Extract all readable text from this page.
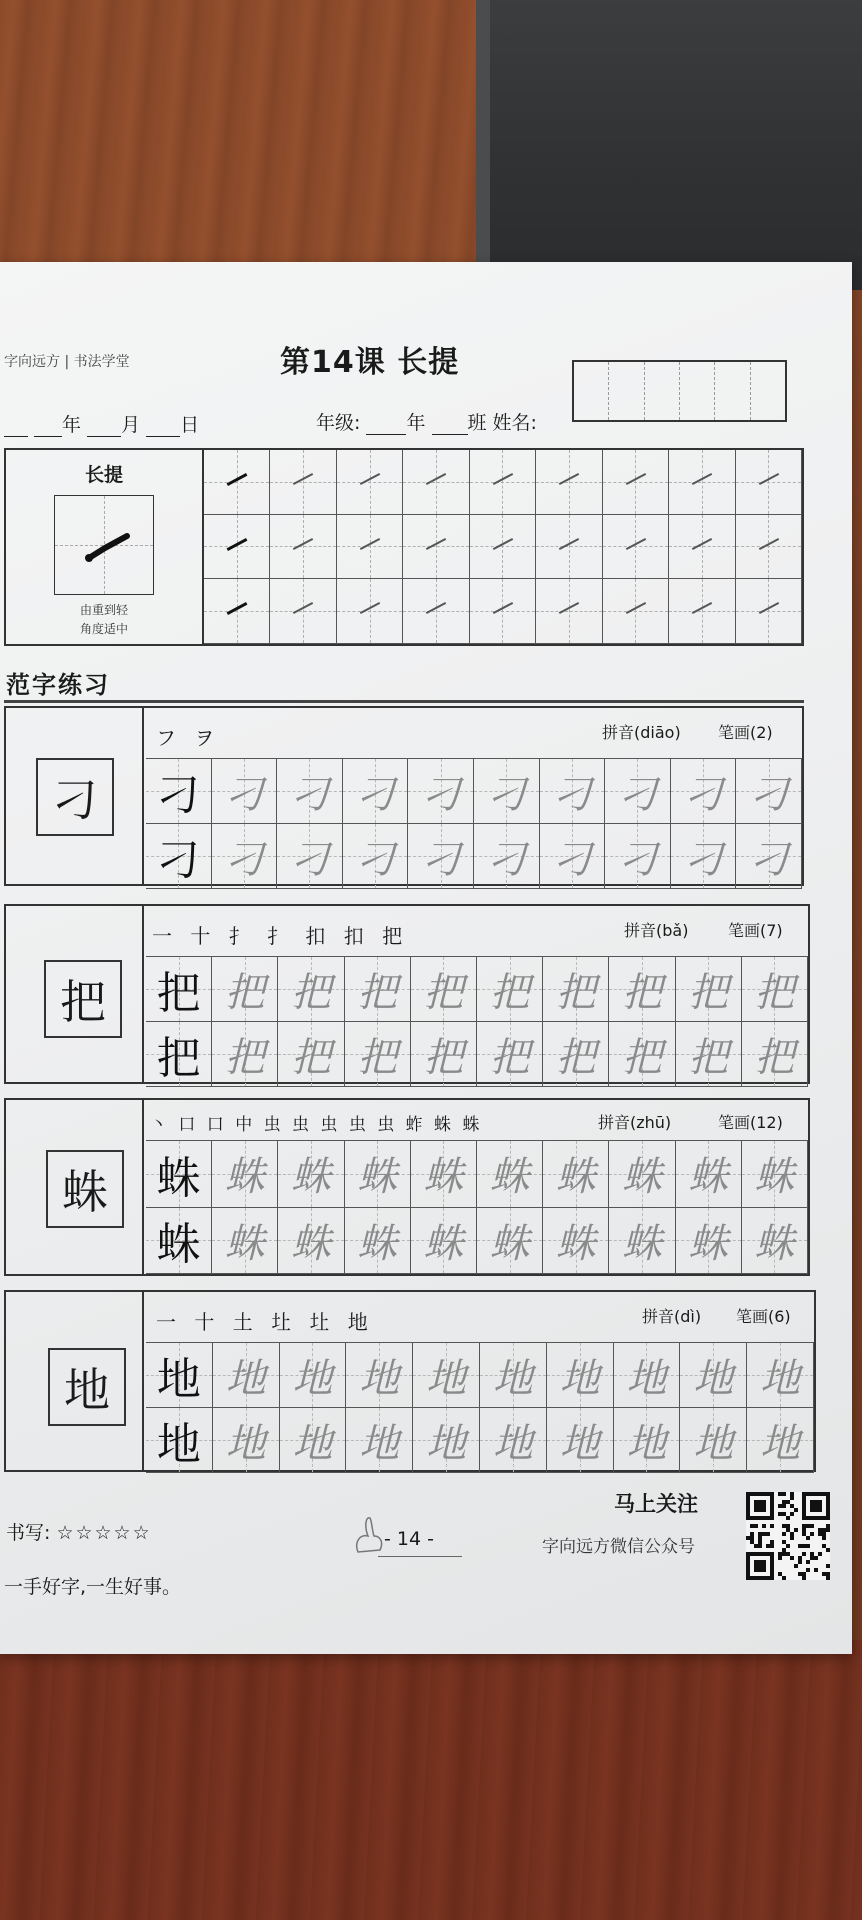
字向远方 | 书法学堂	第14课 长提
年 月 日	年级: 年 班 姓名:
长提
由重到轻
角度适中
范字练习
刁
フ ヲ	拼音(diāo) 笔画(2)
刁 刁 刁 刁 刁 刁 刁 刁 刁 刁
刁 刁 刁 刁 刁 刁 刁 刁 刁 刁
把
一 十 扌 扌 扣 扣 把	拼音(bǎ) 笔画(7)
把 把 把 把 把 把 把 把 把 把
把 把 把 把 把 把 把 把 把 把
蛛
丶 口 口 中 虫 虫 虫 虫 虫 蚱 蛛 蛛	拼音(zhū)	笔画(12)
蛛 蛛 蛛 蛛 蛛 蛛 蛛 蛛 蛛 蛛
蛛 蛛 蛛 蛛 蛛 蛛 蛛 蛛 蛛 蛛
地
一 十 土 圵 圵 地	拼音(dì) 笔画(6)
地 地 地 地 地 地 地 地 地 地
地 地 地 地 地 地 地 地 地 地
书写: ☆☆☆☆☆	- 14 -
一手好字,一生好事。
马上关注
字向远方微信公众号
